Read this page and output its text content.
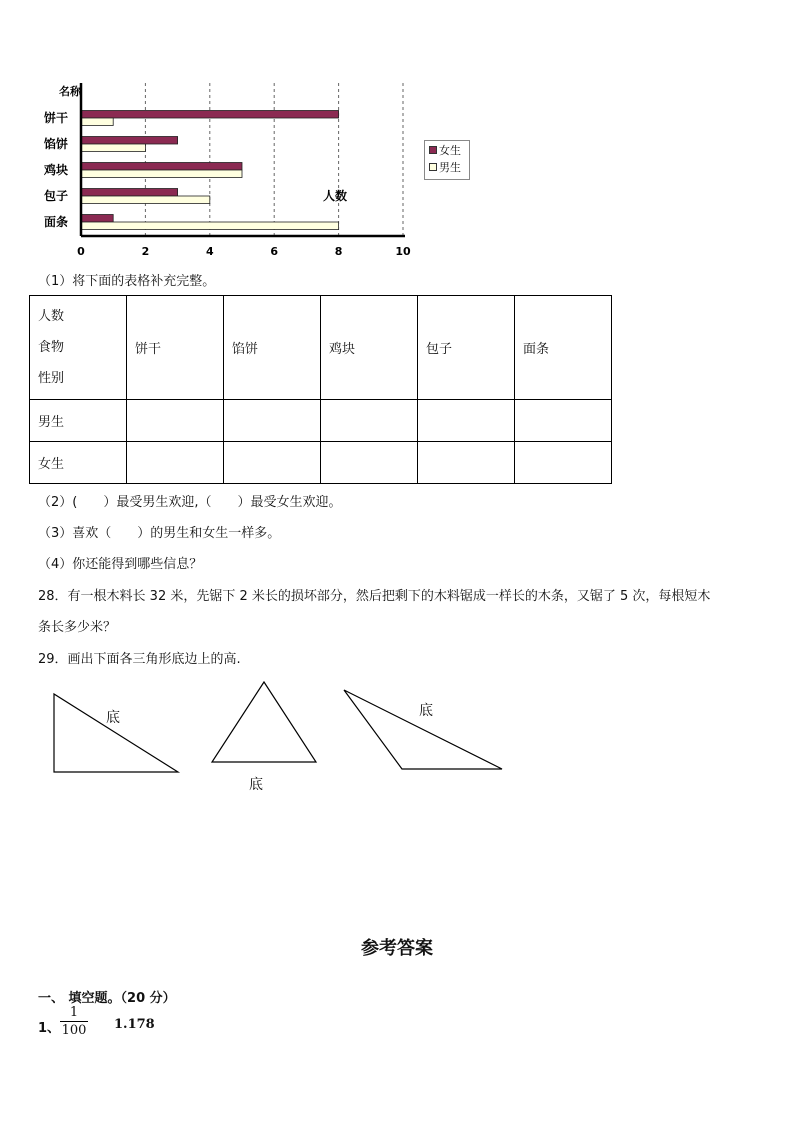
0	2	4	6	8	10
饼干
馅饼
鸡块
包子
面条
名称
人数
女生
男生
（1）将下面的表格补充完整。
人数
食物
性别	饼干	馅饼	鸡块	包子	面条
男生					
女生					
（2）(　　）最受男生欢迎,（　　）最受女生欢迎。
（3）喜欢（　　）的男生和女生一样多。
（4）你还能得到哪些信息？
28．有一根木料长 32 米，先锯下 2 米长的损坏部分，然后把剩下的木料锯成一样长的木条，又锯了 5 次，每根短木
条长多少米？
29．画出下面各三角形底边上的高.
底
底
底
参考答案
一、 填空题。（20 分）
1、
1
100 1.178
